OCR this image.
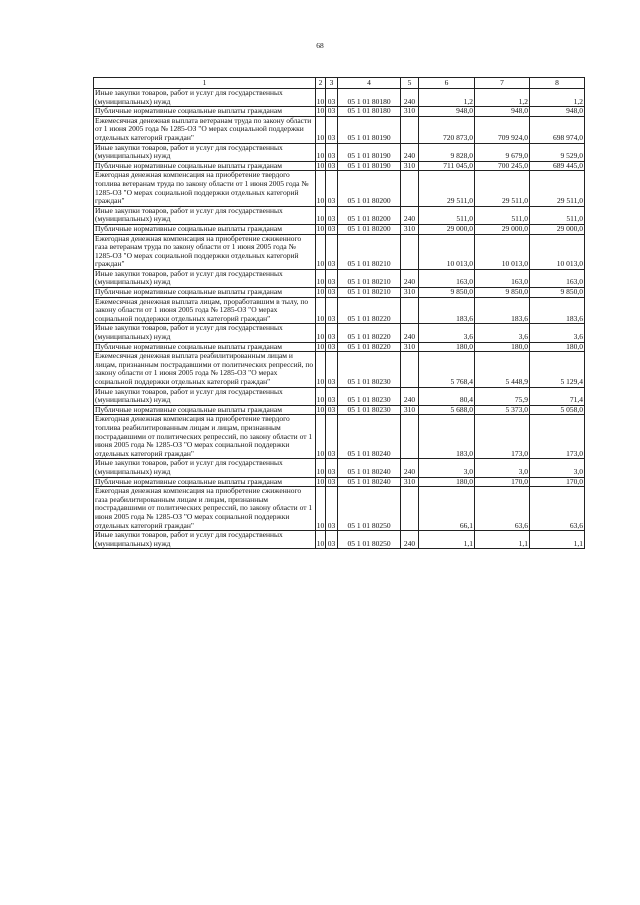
68
1	2	3	4	5	6	7	8
Иные закупки товаров, работ и услуг для государственных (муниципальных) нужд	10	03	05 1 01 80180	240	1,2	1,2	1,2
Публичные нормативные социальные выплаты гражданам	10	03	05 1 01 80180	310	948,0	948,0	948,0
Ежемесячная денежная выплата ветеранам труда по закону области от 1 июня 2005 года № 1285-ОЗ "О мерах социальной поддержки отдельных категорий граждан"	10	03	05 1 01 80190		720 873,0	709 924,0	698 974,0
Иные закупки товаров, работ и услуг для государственных (муниципальных) нужд	10	03	05 1 01 80190	240	9 828,0	9 679,0	9 529,0
Публичные нормативные социальные выплаты гражданам	10	03	05 1 01 80190	310	711 045,0	700 245,0	689 445,0
Ежегодная денежная компенсация на приобретение твердого топлива ветеранам труда по закону области от 1 июня 2005 года № 1285-ОЗ "О мерах социальной поддержки отдельных категорий граждан"	10	03	05 1 01 80200		29 511,0	29 511,0	29 511,0
Иные закупки товаров, работ и услуг для государственных (муниципальных) нужд	10	03	05 1 01 80200	240	511,0	511,0	511,0
Публичные нормативные социальные выплаты гражданам	10	03	05 1 01 80200	310	29 000,0	29 000,0	29 000,0
Ежегодная денежная компенсация на приобретение сжиженного газа ветеранам труда по закону области от 1 июня 2005 года № 1285-ОЗ "О мерах социальной поддержки отдельных категорий граждан"	10	03	05 1 01 80210		10 013,0	10 013,0	10 013,0
Иные закупки товаров, работ и услуг для государственных (муниципальных) нужд	10	03	05 1 01 80210	240	163,0	163,0	163,0
Публичные нормативные социальные выплаты гражданам	10	03	05 1 01 80210	310	9 850,0	9 850,0	9 850,0
Ежемесячная денежная выплата лицам, проработавшим в тылу, по закону области от 1 июня 2005 года № 1285-ОЗ "О мерах социальной поддержки отдельных категорий граждан"	10	03	05 1 01 80220		183,6	183,6	183,6
Иные закупки товаров, работ и услуг для государственных (муниципальных) нужд	10	03	05 1 01 80220	240	3,6	3,6	3,6
Публичные нормативные социальные выплаты гражданам	10	03	05 1 01 80220	310	180,0	180,0	180,0
Ежемесячная денежная выплата реабилитированным лицам и лицам, признанным пострадавшими от политических репрессий, по закону области от 1 июня 2005 года № 1285-ОЗ "О мерах социальной поддержки отдельных категорий граждан"	10	03	05 1 01 80230		5 768,4	5 448,9	5 129,4
Иные закупки товаров, работ и услуг для государственных (муниципальных) нужд	10	03	05 1 01 80230	240	80,4	75,9	71,4
Публичные нормативные социальные выплаты гражданам	10	03	05 1 01 80230	310	5 688,0	5 373,0	5 058,0
Ежегодная денежная компенсация на приобретение твердого топлива реабилитированным лицам и лицам, признанным пострадавшими от политических репрессий, по закону области от 1 июня 2005 года № 1285-ОЗ "О мерах социальной поддержки отдельных категорий граждан"	10	03	05 1 01 80240		183,0	173,0	173,0
Иные закупки товаров, работ и услуг для государственных (муниципальных) нужд	10	03	05 1 01 80240	240	3,0	3,0	3,0
Публичные нормативные социальные выплаты гражданам	10	03	05 1 01 80240	310	180,0	170,0	170,0
Ежегодная денежная компенсация на приобретение сжиженного газа реабилитированным лицам и лицам, признанным пострадавшими от политических репрессий, по закону области от 1 июня 2005 года № 1285-ОЗ "О мерах социальной поддержки отдельных категорий граждан"	10	03	05 1 01 80250		66,1	63,6	63,6
Иные закупки товаров, работ и услуг для государственных (муниципальных) нужд	10	03	05 1 01 80250	240	1,1	1,1	1,1
